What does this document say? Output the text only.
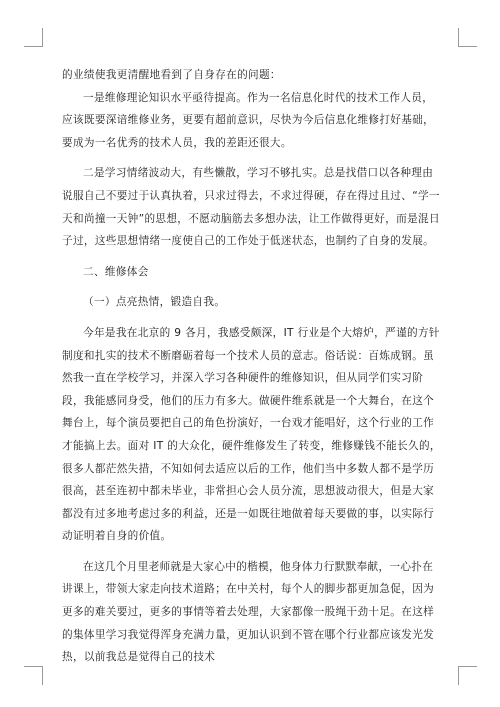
的业绩使我更清醒地看到了自身存在的问题：

一是维修理论知识水平亟待提高。作为一名信息化时代的技术工作人员，应该既要深谙维修业务，更要有超前意识，尽快为今后信息化维修打好基础，要成为一名优秀的技术人员，我的差距还很大。

二是学习情绪波动大，有些懒散，学习不够扎实。总是找借口以各种理由说服自己不要过于认真执着，只求过得去，不求过得硬，存在得过且过、“学一天和尚撞一天钟”的思想，不愿动脑筋去多想办法，让工作做得更好，而是混日子过，这些思想情绪一度使自己的工作处于低迷状态，也制约了自身的发展。

二、维修体会

（一）点亮热情，锻造自我。

今年是我在北京的 9 各月，我感受颇深，IT 行业是个大熔炉，严谨的方针制度和扎实的技术不断磨砺着每一个技术人员的意志。俗话说：百炼成钢。虽然我一直在学校学习，并深入学习各种硬件的维修知识，但从同学们实习阶段，我能感同身受，他们的压力有多大。做硬件维系就是一个大舞台，在这个舞台上，每个演员要把自己的角色扮演好，一台戏才能唱好，这个行业的工作才能搞上去。面对 IT 的大众化，硬件维修发生了转变，维修赚钱不能长久的，很多人都茫然失措，不知如何去适应以后的工作，他们当中多数人都不是学历很高，甚至连初中都未毕业，非常担心会人员分流，思想波动很大，但是大家都没有过多地考虑过多的利益，还是一如既往地做着每天要做的事，以实际行动证明着自身的价值。

在这几个月里老师就是大家心中的楷模，他身体力行默默奉献，一心扑在讲课上，带领大家走向技术道路；在中关村，每个人的脚步都更加急促，因为更多的难关要过，更多的事情等着去处理，大家都像一股绳干劲十足。在这样的集体里学习我觉得浑身充满力量，更加认识到不管在哪个行业都应该发光发热，以前我总是觉得自己的技术
